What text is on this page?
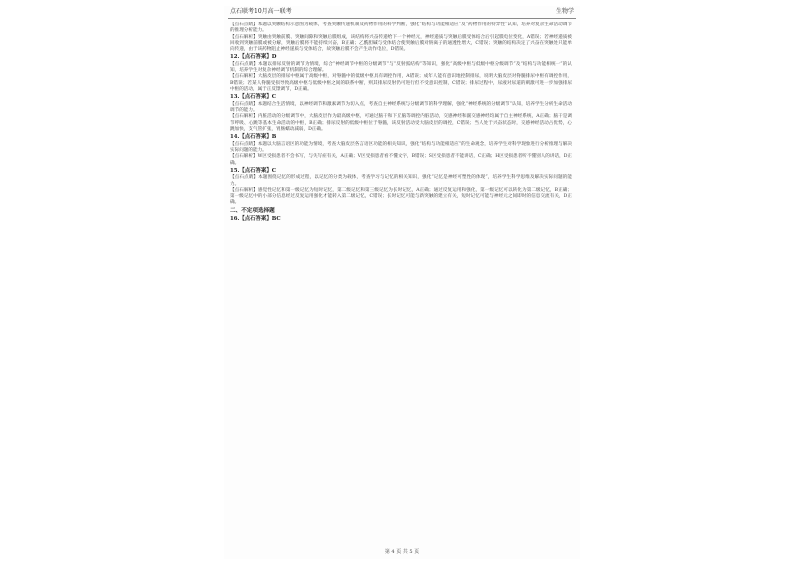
点石联考10月高一联考	生物学

【点石点睛】本题以突触结构示意图为载体，考查突触传递机制及药物作用的科学判断，强化“结构与功能相适应”及“药物作用的特异性”认知，培养对复杂生命活动调节的推理分析能力。

【点石解析】突触由突触前膜、突触间隙和突触后膜组成，该结构将兴奋传递给下一个神经元，神经递质与突触后膜受体结合后引起膜电位变化，A错误；若神经递质被回收到突触前膜或被分解，突触后膜将不能持续兴奋，B正确；乙酰胆碱与受体结合使突触后膜对钠离子的通透性增大，C错误；突触的结构决定了兴奋在突触处只能单向传递，由于该药物阻止神经递质与受体结合，故突触后膜不会产生动作电位，D错误。

12.【点石答案】D

【点石点睛】本题以排尿反射的调节为情境，综合“神经调节中枢的分级调节”与“反射弧结构”等知识，强化“高级中枢与低级中枢分级调节”及“结构与功能相统一”的认知，培养学生对复杂神经调节机制的综合理解。

【点石解析】大脑皮层的排尿中枢属于高级中枢，对脊髓中的低级中枢具有调控作用，A错误；成年人能有意识地控制排尿，说明大脑皮层对脊髓排尿中枢有调控作用，B错误；若某人脊髓受损导致高级中枢与低级中枢之间的联系中断，则其排尿反射仍可进行但不受意识控制，C错误；排尿过程中，尿液对尿道的刺激可进一步加强排尿中枢的活动，属于正反馈调节，D正确。

13.【点石答案】C

【点石点睛】本题结合生活情境，以神经调节和激素调节为切入点，考查自主神经系统与分级调节的科学理解，强化“神经系统的分级调节”认知，培养学生分析生命活动调节的能力。

【点石解析】内脏活动的分级调节中，大脑皮层作为最高级中枢，可通过脑干和下丘脑等调控内脏活动，交感神经和副交感神经均属于自主神经系统，A正确；脑干是调节呼吸、心跳等基本生命活动的中枢，B正确；排尿反射的低级中枢位于脊髓，该反射活动受大脑皮层的调控，C错误；当人处于兴奋状态时，交感神经活动占优势，心跳加快，支气管扩张，胃肠蠕动减弱，D正确。

14.【点石答案】B

【点石点睛】本题以大脑言语区的功能为情境，考查大脑皮层各言语区功能的相关知识，强化“结构与功能相适应”的生命观念，培养学生对科学现象进行分析推理与解决实际问题的能力。

【点石解析】W区受损患者不会书写，与失写症有关，A正确；V区受损患者看不懂文字，B错误；S区受损患者不能讲话，C正确；H区受损患者听不懂别人的讲话，D正确。

15.【点石答案】C

【点石点睛】本题围绕记忆的形成过程，以记忆的分类为载体，考查学习与记忆的相关知识，强化“记忆是神经可塑性的体现”，培养学生科学思维及解决实际问题的能力。

【点石解析】感觉性记忆和第一级记忆为短时记忆，第二级记忆和第三级记忆为长时记忆，A正确；通过反复运用和强化，第一级记忆可以转化为第二级记忆，B正确；第一级记忆中的小部分信息经过反复运用强化才能转入第二级记忆，C错误；长时记忆可能与新突触的建立有关，短时记忆可能与神经元之间即时的信息交流有关，D正确。

二、不定项选择题

16.【点石答案】BC

第 4 页 共 5 页
